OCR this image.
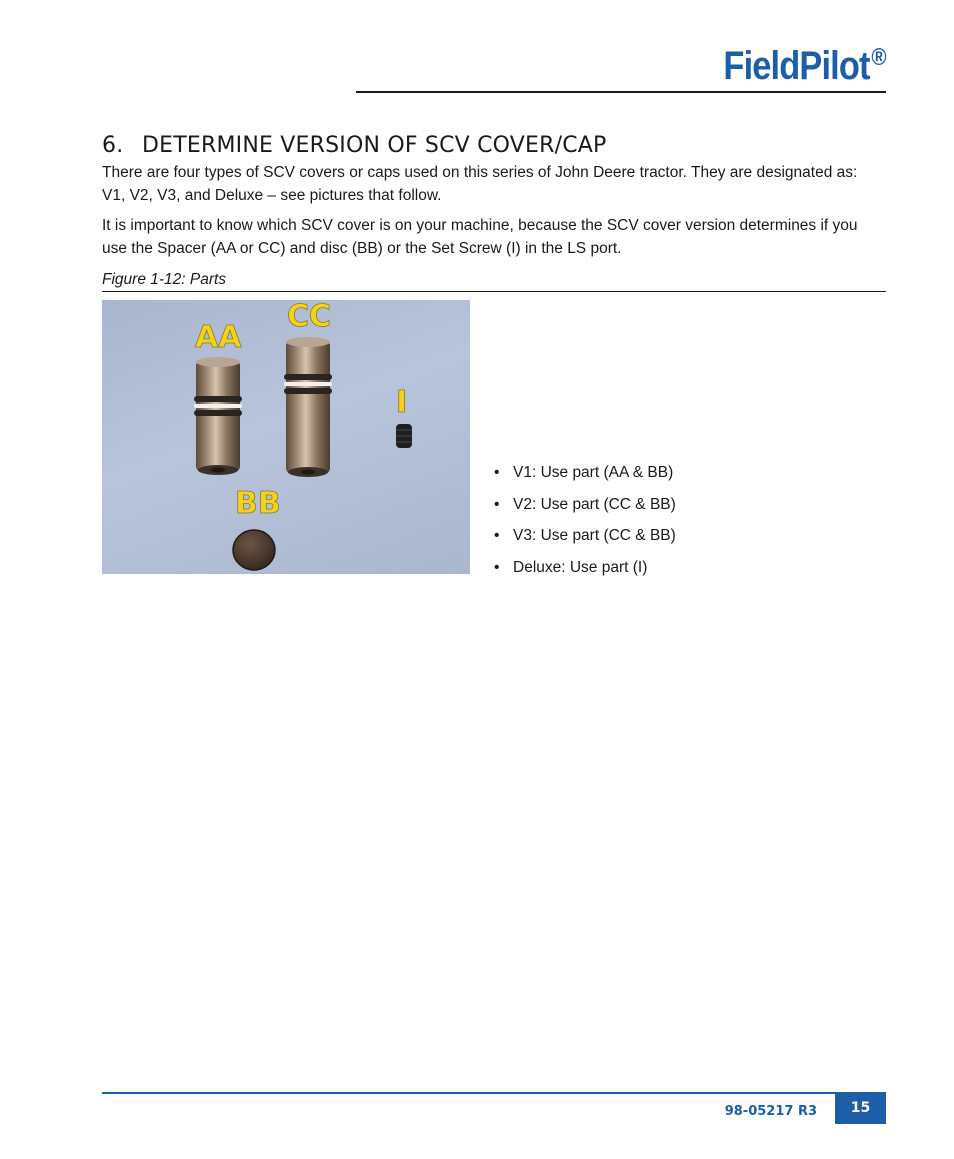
FieldPilot®
6. DETERMINE VERSION OF SCV COVER/CAP
There are four types of SCV covers or caps used on this series of John Deere tractor. They are designated as: V1, V2, V3, and Deluxe – see pictures that follow.
It is important to know which SCV cover is on your machine, because the SCV cover version determines if you use the Spacer (AA or CC) and disc (BB) or the Set Screw (I) in the LS port.
Figure 1-12: Parts
AA
CC
I
BB
• V1: Use part (AA & BB)
• V2: Use part (CC & BB)
• V3: Use part (CC & BB)
• Deluxe: Use part (I)
98-05217 R3	15
